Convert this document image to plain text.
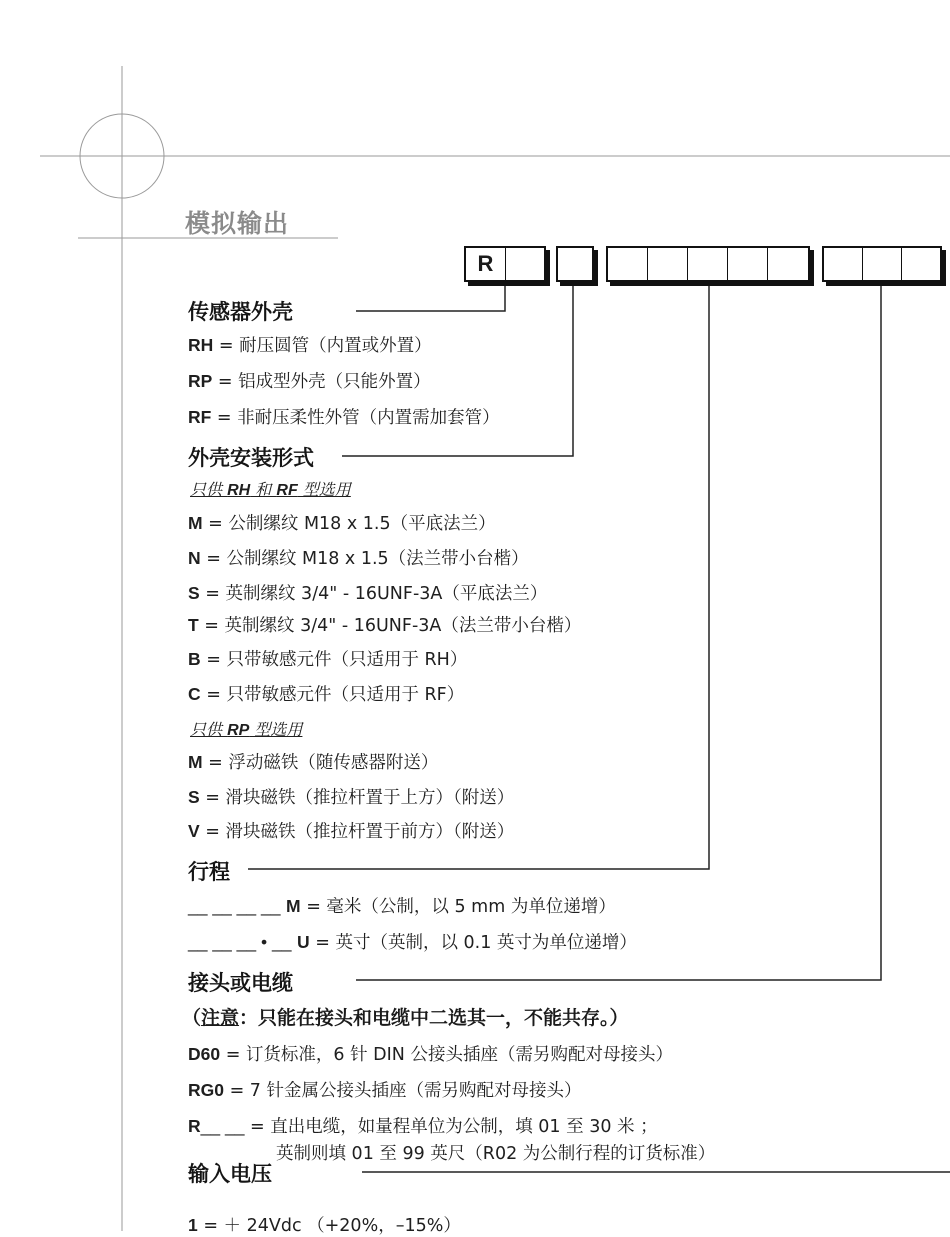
模拟输出
R
传感器外壳
RH = 耐压圆管（内置或外置）
RP = 铝成型外壳（只能外置）
RF = 非耐压柔性外管（内置需加套管）
外壳安装形式
只供 RH 和 RF 型选用
M = 公制缧纹 M18 x 1.5（平底法兰）
N = 公制缧纹 M18 x 1.5（法兰带小台楷）
S = 英制缧纹 3/4" - 16UNF-3A（平底法兰）
T = 英制缧纹 3/4" - 16UNF-3A（法兰带小台楷）
B = 只带敏感元件（只适用于 RH）
C = 只带敏感元件（只适用于 RF）
只供 RP 型选用
M = 浮动磁铁（随传感器附送）
S = 滑块磁铁（推拉杆置于上方）（附送）
V = 滑块磁铁（推拉杆置于前方）（附送）
行程
__ __ __ __ M = 毫米（公制，以 5 mm 为单位递增）
__ __ __ • __ U = 英寸（英制，以 0.1 英寸为单位递增）
接头或电缆
（注意：只能在接头和电缆中二选其一，不能共存。）
D60 = 订货标准，6 针 DIN 公接头插座（需另购配对母接头）
RG0 = 7 针金属公接头插座（需另购配对母接头）
R__ __ = 直出电缆，如量程单位为公制，填 01 至 30 米 ；
英制则填 01 至 99 英尺（R02 为公制行程的订货标准）
输入电压
1 = ＋ 24Vdc （+20%，–15%）
